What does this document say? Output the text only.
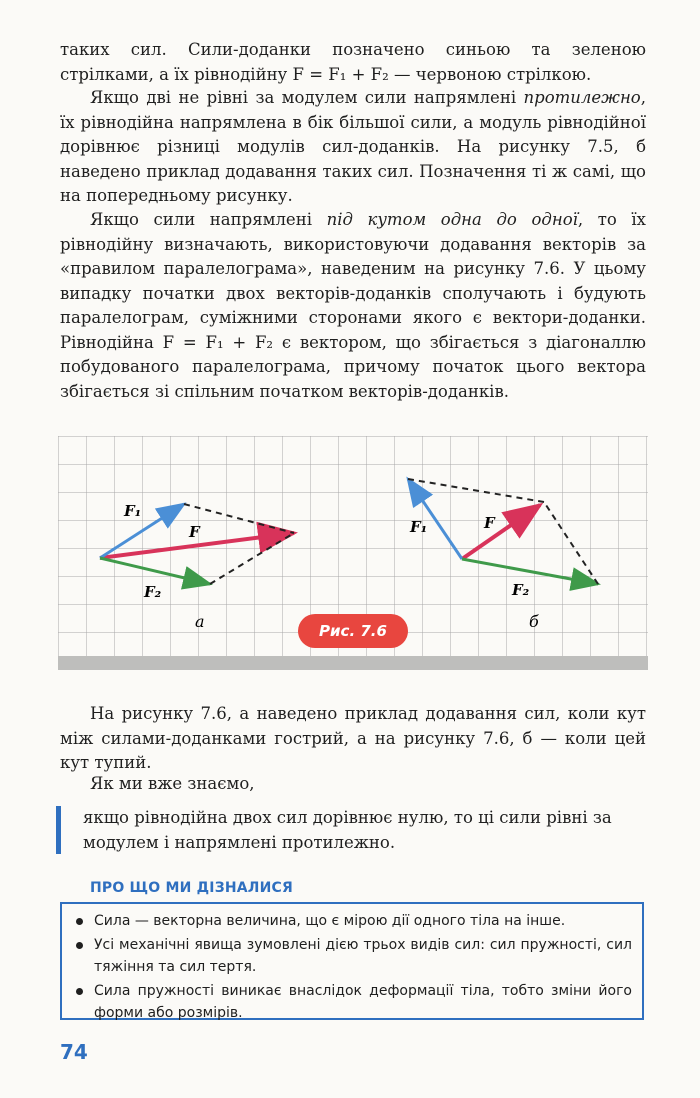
таких сил. Сили-доданки позначено синьою та зеленою стрілками, а їх рівнодійну F = F₁ + F₂ — червоною стрілкою.

Якщо дві не рівні за модулем сили напрямлені протилежно, їх рівнодійна напрямлена в бік більшої сили, а модуль рівнодійної дорівнює різниці модулів сил-доданків. На рисунку 7.5, б наведено приклад додавання таких сил. Позначення ті ж самі, що на попередньому рисунку.

Якщо сили напрямлені під кутом одна до одної, то їх рівнодійну визначають, використовуючи додавання векторів за «правилом паралелограма», наведеним на рисунку 7.6. У цьому випадку початки двох векторів-доданків сполучають і будують паралелограм, суміжними сторонами якого є вектори-доданки. Рівнодійна F = F₁ + F₂ є вектором, що збігається з діагоналлю побудованого паралелограма, причому початок цього вектора збігається зі спільним початком векторів-доданків.

F₁
F
F₂
а
F₁	F
F₂
б
Рис. 7.6

На рисунку 7.6, а наведено приклад додавання сил, коли кут між силами-доданками гострий, а на рисунку 7.6, б — коли цей кут тупий.

Як ми вже знаємо,

якщо рівнодійна двох сил дорівнює нулю, то ці сили рівні за модулем і напрямлені протилежно.

ПРО ЩО МИ ДІЗНАЛИСЯ
Сила — векторна величина, що є мірою дії одного тіла на інше.
Усі механічні явища зумовлені дією трьох видів сил: сил пружності, сил тяжіння та сил тертя.
Сила пружності виникає внаслідок деформації тіла, тобто зміни його форми або розмірів.
74
